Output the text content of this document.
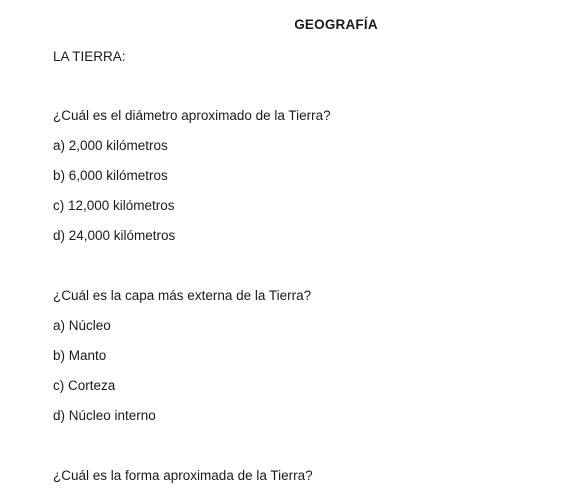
GEOGRAFÍA
LA TIERRA:
¿Cuál es el diámetro aproximado de la Tierra?
a) 2,000 kilómetros
b) 6,000 kilómetros
c) 12,000 kilómetros
d) 24,000 kilómetros
¿Cuál es la capa más externa de la Tierra?
a) Núcleo
b) Manto
c) Corteza
d) Núcleo interno
¿Cuál es la forma aproximada de la Tierra?
